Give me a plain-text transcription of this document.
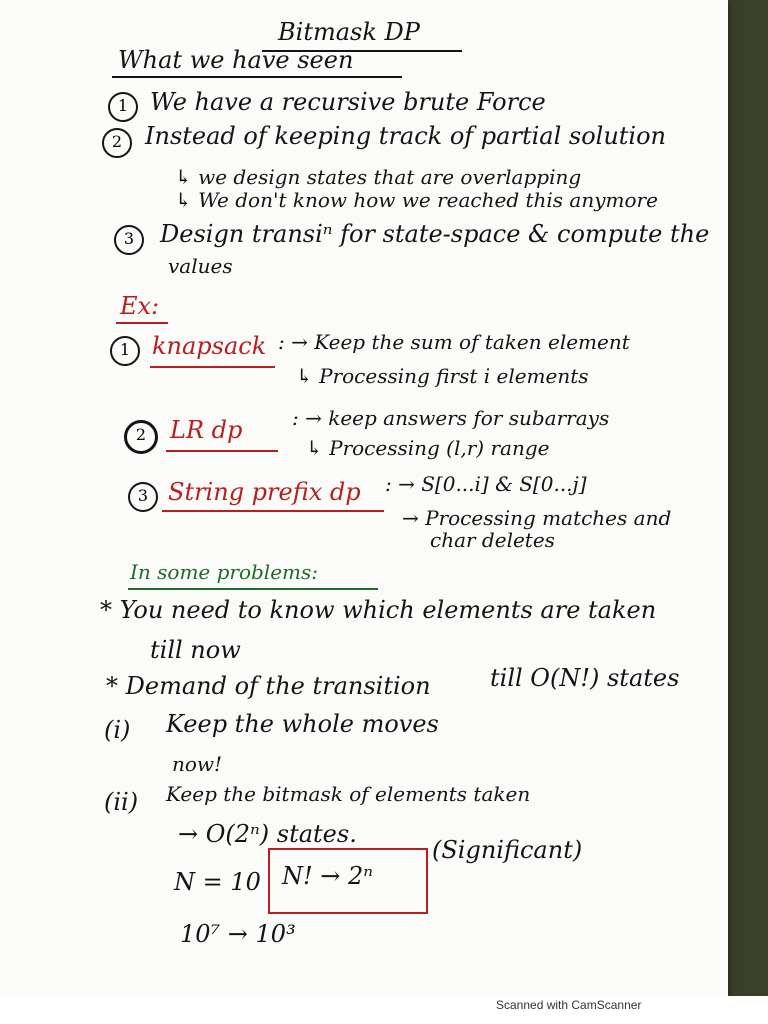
Bitmask DP
What we have seen
1 We have a recursive brute Force
2 Instead of keeping track of partial solution
↳ we design states that are overlapping
↳ We don't know how we reached this anymore
3	Design transiⁿ for state-space & compute the
values
Ex:
1 knapsack : → Keep the sum of taken element
↳ Processing first i elements
2 LR dp : → keep answers for subarrays
↳ Processing (l,r) range
3 String prefix dp : → S[0...i] & S[0...j]
→ Processing matches and
char deletes
In some problems:
* You need to know which elements are taken
till now
* Demand of the transition till O(N!) states
(i) Keep the whole moves
now!
(ii) Keep the bitmask of elements taken
→ O(2ⁿ) states.
N = 10 N! → 2ⁿ
(Significant)
10⁷ → 10³
Scanned with CamScanner
